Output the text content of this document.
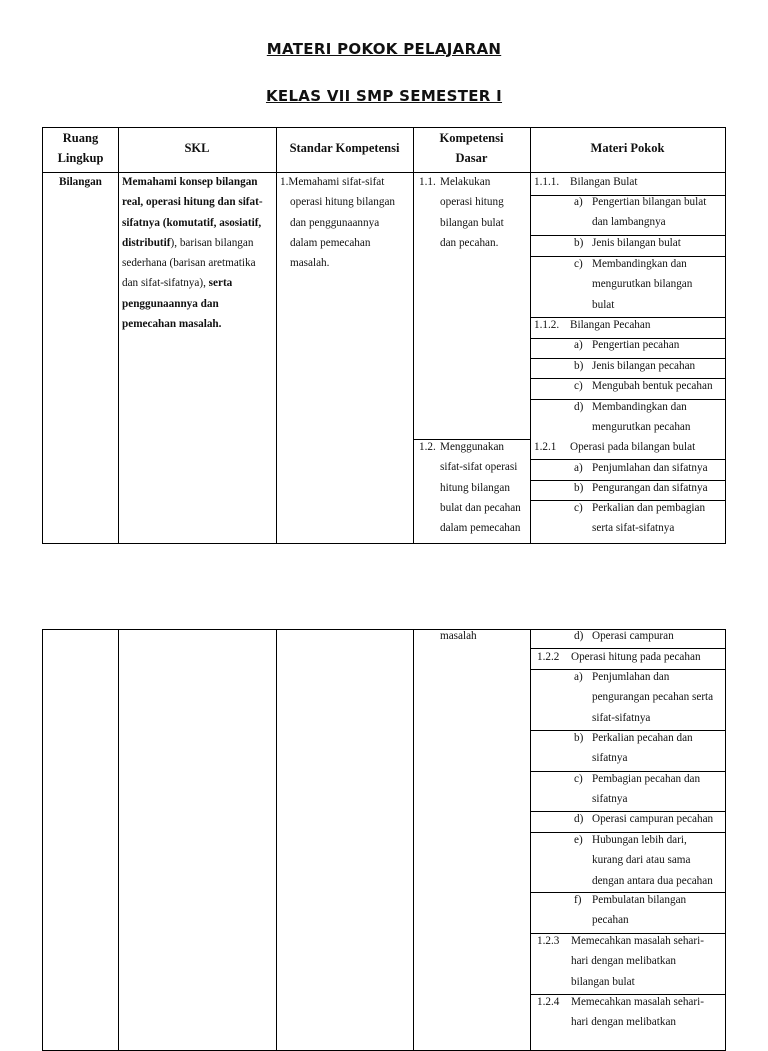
MATERI POKOK PELAJARAN
KELAS VII SMP SEMESTER I
Ruang
Lingkup
SKL	Standar Kompetensi
Kompetensi
Dasar
Materi Pokok
Bilangan Memahami konsep bilangan
real, operasi hitung dan sifat-
sifatnya (komutatif, asosiatif,
distributif), barisan bilangan
sederhana (barisan aretmatika
dan sifat-sifatnya), serta
penggunaannya dan
pemecahan masalah.
1.Memahami sifat-sifat
operasi hitung bilangan
dan penggunaannya
dalam pemecahan
masalah.
1.1. Melakukan
operasi hitung
bilangan bulat
dan pecahan.
1.2. Menggunakan
sifat-sifat operasi
hitung bilangan
bulat dan pecahan
dalam pemecahan
1.1.1. Bilangan Bulat
a) Pengertian bilangan bulat
dan lambangnya
b) Jenis bilangan bulat
c) Membandingkan dan
mengurutkan bilangan
bulat
1.1.2. Bilangan Pecahan
a) Pengertian pecahan
b) Jenis bilangan pecahan
c) Mengubah bentuk pecahan
d) Membandingkan dan
mengurutkan pecahan
1.2.1 Operasi pada bilangan bulat
a) Penjumlahan dan sifatnya
b) Pengurangan dan sifatnya
c) Perkalian dan pembagian
serta sifat-sifatnya
masalah	d) Operasi campuran
1.2.2 Operasi hitung pada pecahan
a) Penjumlahan dan
pengurangan pecahan serta
sifat-sifatnya
b) Perkalian pecahan dan
sifatnya
c) Pembagian pecahan dan
sifatnya
d) Operasi campuran pecahan
e) Hubungan lebih dari,
kurang dari atau sama
dengan antara dua pecahan
f) Pembulatan bilangan
pecahan
1.2.3 Memecahkan masalah sehari-
hari dengan melibatkan
bilangan bulat
1.2.4 Memecahkan masalah sehari-
hari dengan melibatkan
